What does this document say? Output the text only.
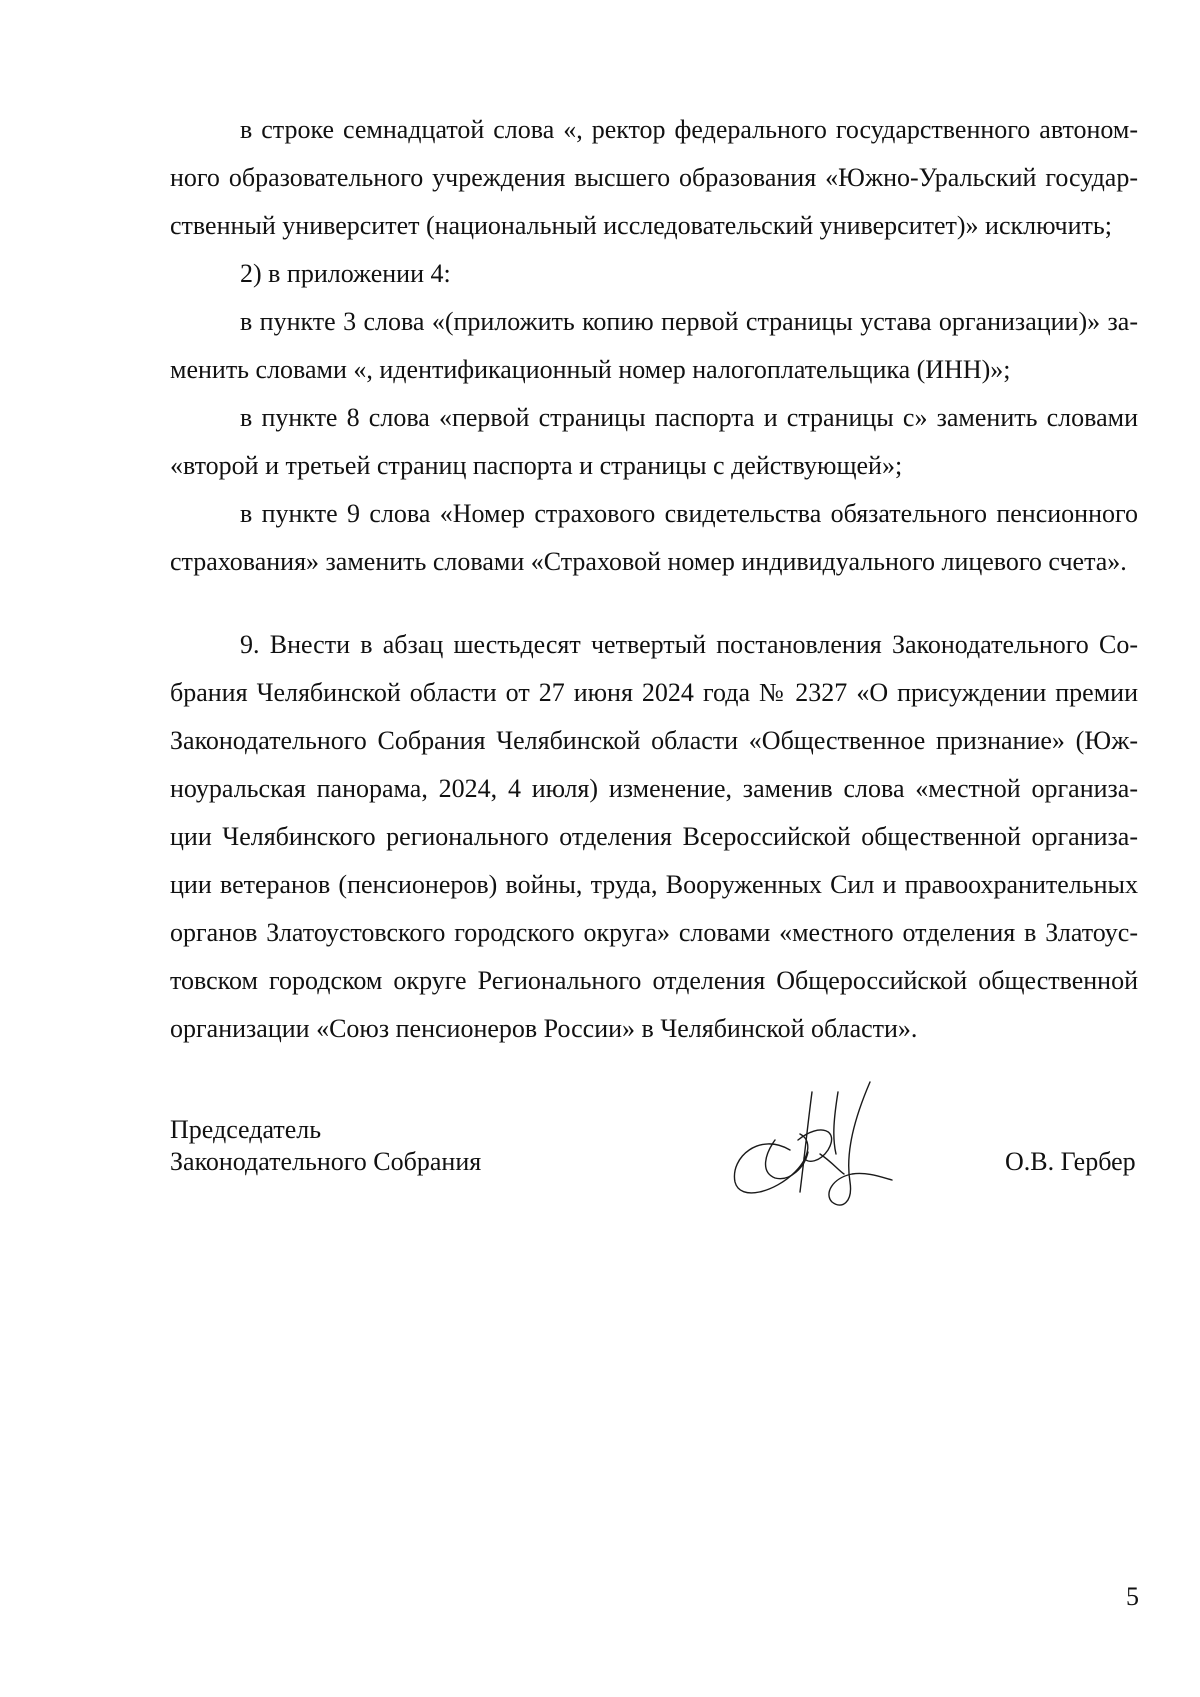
в строке семнадцатой слова «, ректор федерального государственного автоном-
ного образовательного учреждения высшего образования «Южно-Уральский государ-
ственный университет (национальный исследовательский университет)» исключить;
2) в приложении 4:
в пункте 3 слова «(приложить копию первой страницы устава организации)» за-
менить словами «, идентификационный номер налогоплательщика (ИНН)»;
в пункте 8 слова «первой страницы паспорта и страницы с» заменить словами
«второй и третьей страниц паспорта и страницы с действующей»;
в пункте 9 слова «Номер страхового свидетельства обязательного пенсионного
страхования» заменить словами «Страховой номер индивидуального лицевого счета».
9. Внести в абзац шестьдесят четвертый постановления Законодательного Со-
брания Челябинской области от 27 июня 2024 года № 2327 «О присуждении премии
Законодательного Собрания Челябинской области «Общественное признание» (Юж-
ноуральская панорама, 2024, 4 июля) изменение, заменив слова «местной организа-
ции Челябинского регионального отделения Всероссийской общественной организа-
ции ветеранов (пенсионеров) войны, труда, Вооруженных Сил и правоохранительных
органов Златоустовского городского округа» словами «местного отделения в Златоус-
товском городском округе Регионального отделения Общероссийской общественной
организации «Союз пенсионеров России» в Челябинской области».
Председатель
Законодательного Собрания	О.В. Гербер
5
